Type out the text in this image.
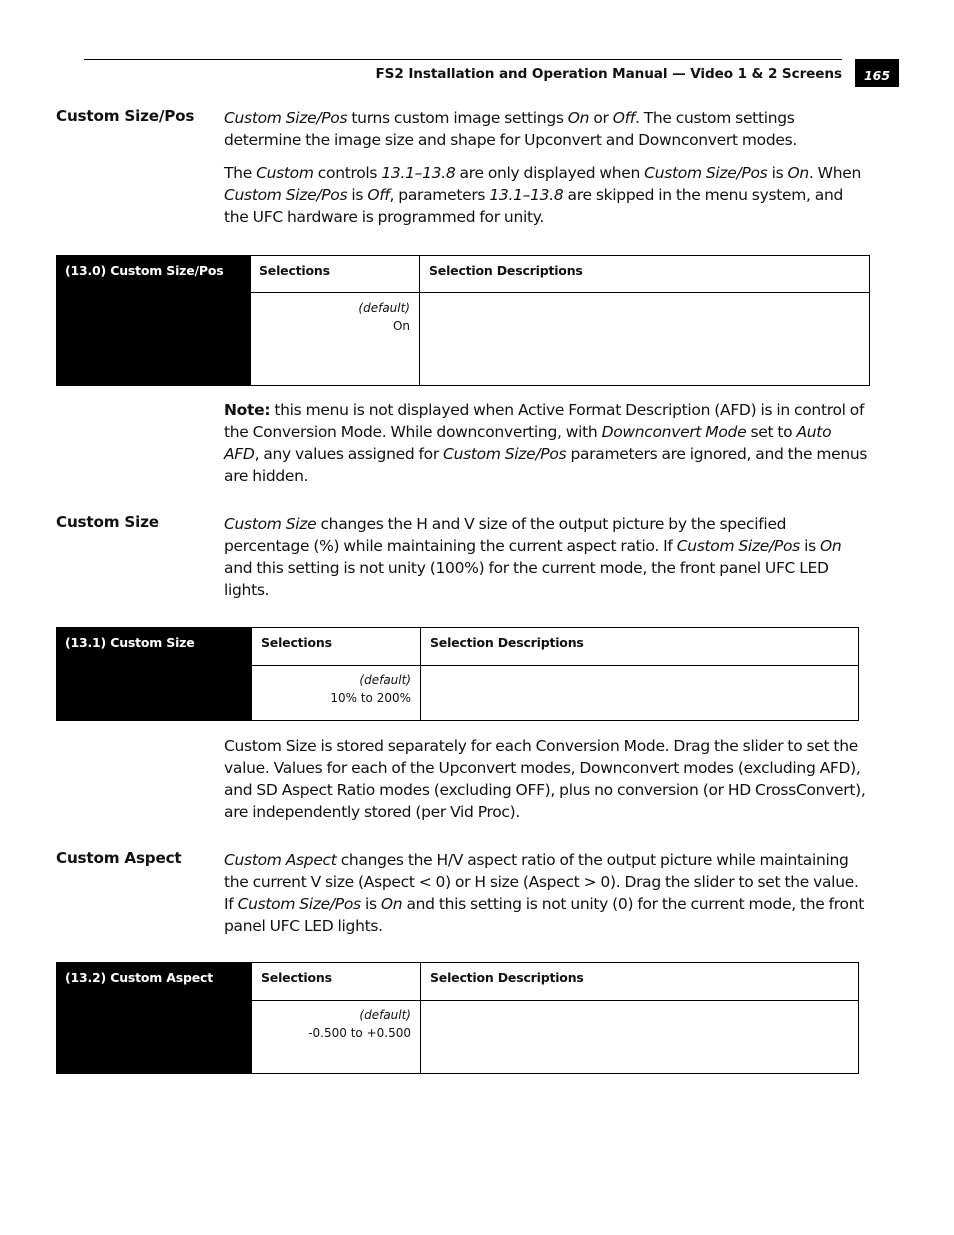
FS2 Installation and Operation Manual — Video 1 & 2 Screens	165
Custom Size/Pos Custom Size/Pos turns custom image settings On or Off. The custom settings determine the image size and shape for Upconvert and Downconvert modes.

The Custom controls 13.1–13.8 are only displayed when Custom Size/Pos is On. When Custom Size/Pos is Off, parameters 13.1–13.8 are skipped in the menu system, and the UFC hardware is programmed for unity.

(13.0) Custom Size/Pos	Selections	Selection Descriptions
(default)
On

Note: this menu is not displayed when Active Format Description (AFD) is in control of the Conversion Mode. While downconverting, with Downconvert Mode set to Auto AFD, any values assigned for Custom Size/Pos parameters are ignored, and the menus are hidden.

Custom Size	Custom Size changes the H and V size of the output picture by the specified percentage (%) while maintaining the current aspect ratio. If Custom Size/Pos is On and this setting is not unity (100%) for the current mode, the front panel UFC LED lights.

(13.1) Custom Size	Selections	Selection Descriptions
(default)
10% to 200%

Custom Size is stored separately for each Conversion Mode. Drag the slider to set the value. Values for each of the Upconvert modes, Downconvert modes (excluding AFD), and SD Aspect Ratio modes (excluding OFF), plus no conversion (or HD CrossConvert), are independently stored (per Vid Proc).

Custom Aspect	Custom Aspect changes the H/V aspect ratio of the output picture while maintaining the current V size (Aspect < 0) or H size (Aspect > 0). Drag the slider to set the value. If Custom Size/Pos is On and this setting is not unity (0) for the current mode, the front panel UFC LED lights.

(13.2) Custom Aspect	Selections	Selection Descriptions
(default)
-0.500 to +0.500
